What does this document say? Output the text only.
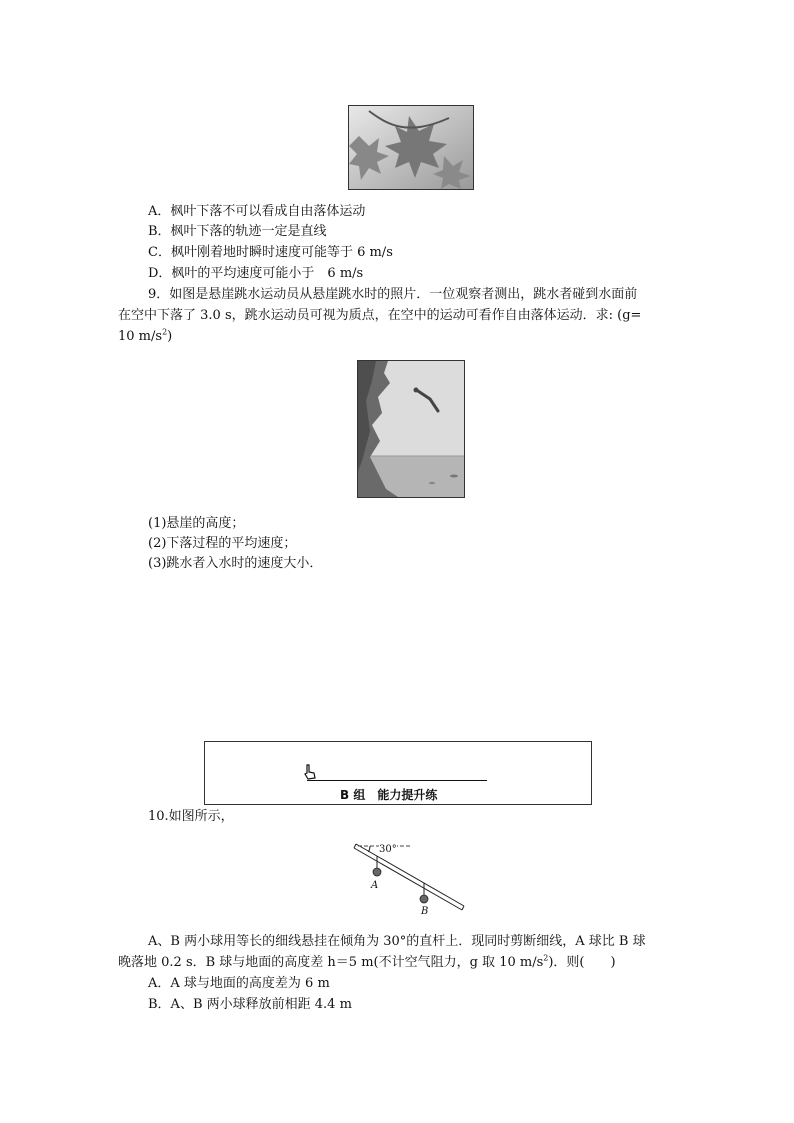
A．枫叶下落不可以看成自由落体运动
B．枫叶下落的轨迹一定是直线
C．枫叶刚着地时瞬时速度可能等于 6 m/s
D．枫叶的平均速度可能小于　6 m/s
9．如图是悬崖跳水运动员从悬崖跳水时的照片．一位观察者测出，跳水者碰到水面前
在空中下落了 3.0 s，跳水运动员可视为质点，在空中的运动可看作自由落体运动．求: (g=
10 $m/s^2$)
(1)悬崖的高度；
(2)下落过程的平均速度；
(3)跳水者入水时的速度大小．
B 组　能力提升练
10.如图所示，
30°
A
B
A、B 两小球用等长的细线悬挂在倾角为 30°的直杆上．现同时剪断细线，A 球比 B 球
晚落地 0.2 s．B 球与地面的高度差 h＝5 m(不计空气阻力，g 取 10 $m/s^2$)．则(　　)
A．A 球与地面的高度差为 6 m
B．A、B 两小球释放前相距 4.4 m
